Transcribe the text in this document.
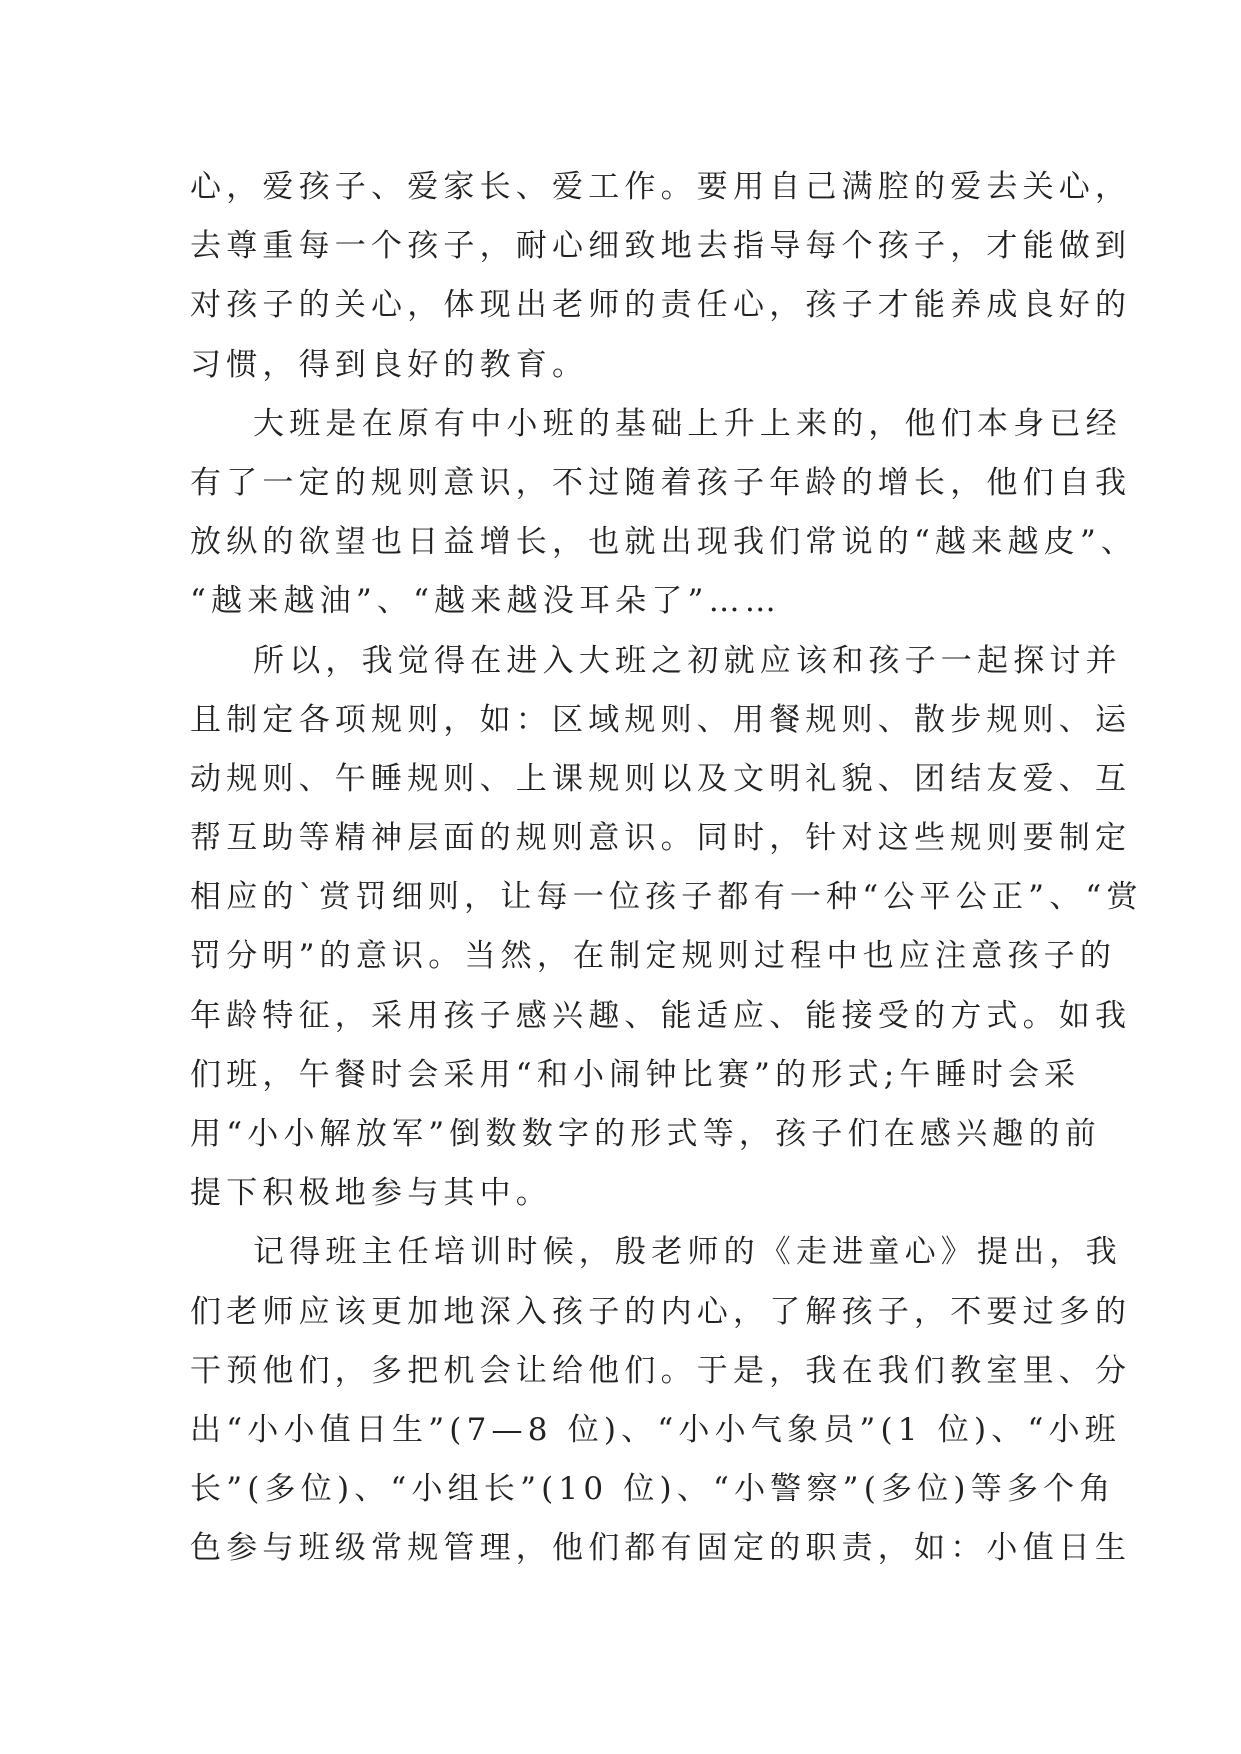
心，爱孩子、爱家长、爱工作。要用自己满腔的爱去关心，
去尊重每一个孩子，耐心细致地去指导每个孩子，才能做到
对孩子的关心，体现出老师的责任心，孩子才能养成良好的
习惯，得到良好的教育。
大班是在原有中小班的基础上升上来的，他们本身已经
有了一定的规则意识，不过随着孩子年龄的增长，他们自我
放纵的欲望也日益增长，也就出现我们常说的“越来越皮”、
“越来越油”、“越来越没耳朵了”……
所以，我觉得在进入大班之初就应该和孩子一起探讨并
且制定各项规则，如：区域规则、用餐规则、散步规则、运
动规则、午睡规则、上课规则以及文明礼貌、团结友爱、互
帮互助等精神层面的规则意识。同时，针对这些规则要制定
相应的`赏罚细则，让每一位孩子都有一种“公平公正”、“赏
罚分明”的意识。当然，在制定规则过程中也应注意孩子的
年龄特征，采用孩子感兴趣、能适应、能接受的方式。如我
们班，午餐时会采用“和小闹钟比赛”的形式;午睡时会采
用“小小解放军”倒数数字的形式等，孩子们在感兴趣的前
提下积极地参与其中。
记得班主任培训时候，殷老师的《走进童心》提出，我
们老师应该更加地深入孩子的内心，了解孩子，不要过多的
干预他们，多把机会让给他们。于是，我在我们教室里、分
出“小小值日生”(7—8 位)、“小小气象员”(1 位)、“小班
长”(多位)、“小组长”(10 位)、“小警察”(多位)等多个角
色参与班级常规管理，他们都有固定的职责，如：小值日生
